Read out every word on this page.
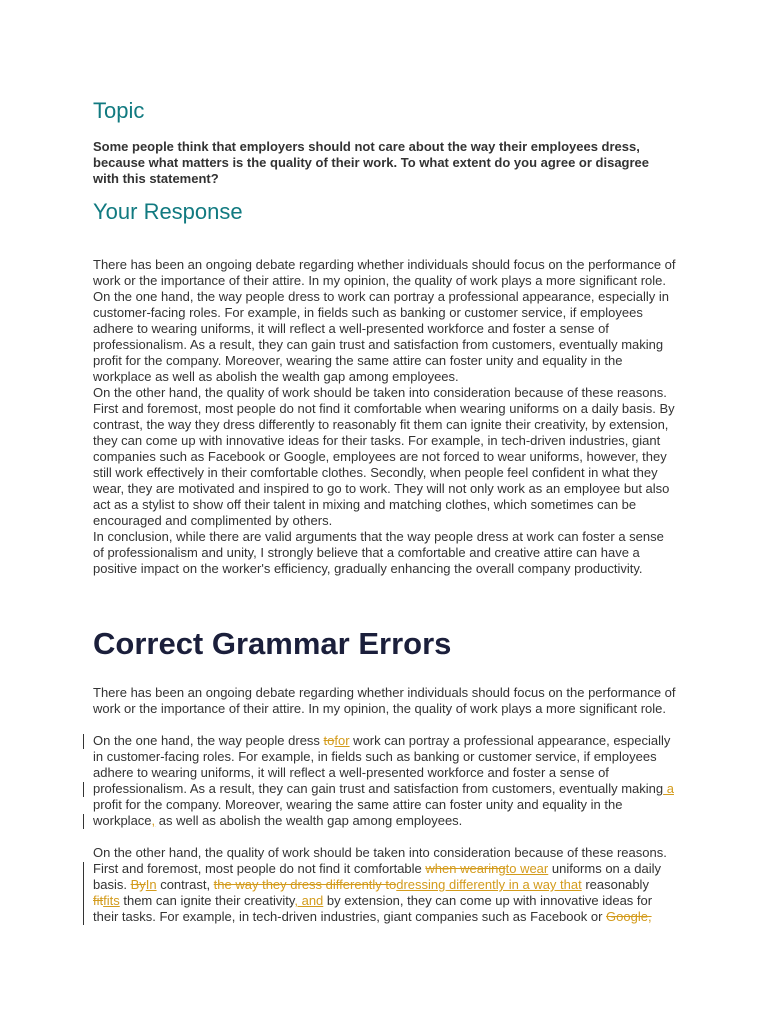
Topic

Some people think that employers should not care about the way their employees dress, because what matters is the quality of their work. To what extent do you agree or disagree with this statement?

Your Response

There has been an ongoing debate regarding whether individuals should focus on the performance of work or the importance of their attire. In my opinion, the quality of work plays a more significant role.

On the one hand, the way people dress to work can portray a professional appearance, especially in customer-facing roles. For example, in fields such as banking or customer service, if employees adhere to wearing uniforms, it will reflect a well-presented workforce and foster a sense of professionalism. As a result, they can gain trust and satisfaction from customers, eventually making profit for the company. Moreover, wearing the same attire can foster unity and equality in the workplace as well as abolish the wealth gap among employees.

On the other hand, the quality of work should be taken into consideration because of these reasons. First and foremost, most people do not find it comfortable when wearing uniforms on a daily basis. By contrast, the way they dress differently to reasonably fit them can ignite their creativity, by extension, they can come up with innovative ideas for their tasks. For example, in tech-driven industries, giant companies such as Facebook or Google, employees are not forced to wear uniforms, however, they still work effectively in their comfortable clothes. Secondly, when people feel confident in what they wear, they are motivated and inspired to go to work. They will not only work as an employee but also act as a stylist to show off their talent in mixing and matching clothes, which sometimes can be encouraged and complimented by others.

In conclusion, while there are valid arguments that the way people dress at work can foster a sense of professionalism and unity, I strongly believe that a comfortable and creative attire can have a positive impact on the worker's efficiency, gradually enhancing the overall company productivity.

Correct Grammar Errors

There has been an ongoing debate regarding whether individuals should focus on the performance of work or the importance of their attire. In my opinion, the quality of work plays a more significant role.

On the one hand, the way people dress tofor work can portray a professional appearance, especially in customer-facing roles. For example, in fields such as banking or customer service, if employees adhere to wearing uniforms, it will reflect a well-presented workforce and foster a sense of professionalism. As a result, they can gain trust and satisfaction from customers, eventually making a profit for the company. Moreover, wearing the same attire can foster unity and equality in the workplace, as well as abolish the wealth gap among employees.

On the other hand, the quality of work should be taken into consideration because of these reasons. First and foremost, most people do not find it comfortable when wearingto wear uniforms on a daily basis. ByIn contrast, the way they dress differently todressing differently in a way that reasonably fitfits them can ignite their creativity, and by extension, they can come up with innovative ideas for their tasks. For example, in tech-driven industries, giant companies such as Facebook or Google,
